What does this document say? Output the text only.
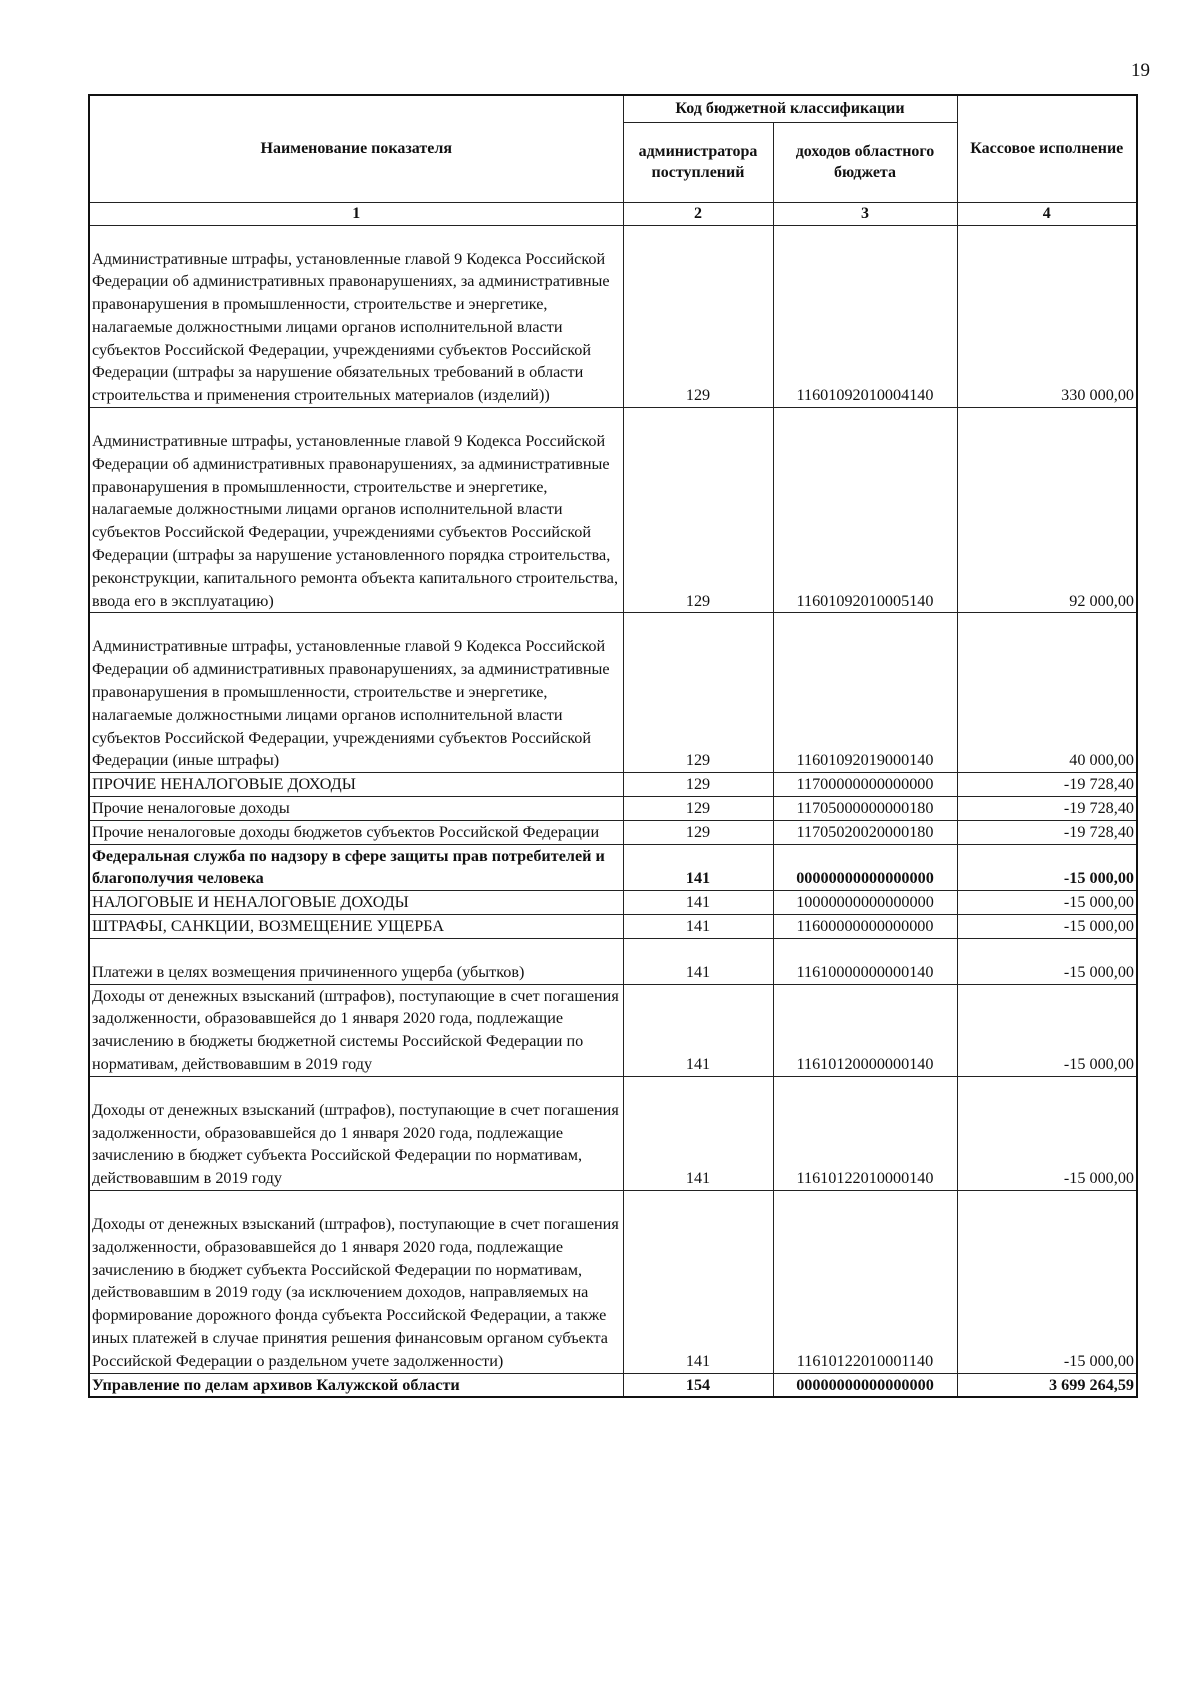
19
Наименование показателя	Код бюджетной классификации		Кассовое исполнение
	администратора поступлений	доходов областного бюджета	
1	2	3	4
Административные штрафы, установленные главой 9 Кодекса Российской Федерации об административных правонарушениях, за административные правонарушения в промышленности, строительстве и энергетике, налагаемые должностными лицами органов исполнительной власти субъектов Российской Федерации, учреждениями субъектов Российской Федерации (штрафы за нарушение обязательных требований в области строительства и применения строительных материалов (изделий))	129	11601092010004140	330 000,00
Административные штрафы, установленные главой 9 Кодекса Российской Федерации об административных правонарушениях, за административные правонарушения в промышленности, строительстве и энергетике, налагаемые должностными лицами органов исполнительной власти субъектов Российской Федерации, учреждениями субъектов Российской Федерации (штрафы за нарушение установленного порядка строительства, реконструкции, капитального ремонта объекта капитального строительства, ввода его в эксплуатацию)	129	11601092010005140	92 000,00
Административные штрафы, установленные главой 9 Кодекса Российской Федерации об административных правонарушениях, за административные правонарушения в промышленности, строительстве и энергетике, налагаемые должностными лицами органов исполнительной власти субъектов Российской Федерации, учреждениями субъектов Российской Федерации (иные штрафы)	129	11601092019000140	40 000,00
ПРОЧИЕ НЕНАЛОГОВЫЕ ДОХОДЫ	129	11700000000000000	-19 728,40
Прочие неналоговые доходы	129	11705000000000180	-19 728,40
Прочие неналоговые доходы бюджетов субъектов Российской Федерации	129	11705020020000180	-19 728,40
Федеральная служба по надзору в сфере защиты прав потребителей и благополучия человека	141	00000000000000000	-15 000,00
НАЛОГОВЫЕ И НЕНАЛОГОВЫЕ ДОХОДЫ	141	10000000000000000	-15 000,00
ШТРАФЫ, САНКЦИИ, ВОЗМЕЩЕНИЕ УЩЕРБА	141	11600000000000000	-15 000,00
Платежи в целях возмещения причиненного ущерба (убытков)	141	11610000000000140	-15 000,00
Доходы от денежных взысканий (штрафов), поступающие в счет погашения задолженности, образовавшейся до 1 января 2020 года, подлежащие зачислению в бюджеты бюджетной системы Российской Федерации по нормативам, действовавшим в 2019 году	141	11610120000000140	-15 000,00
Доходы от денежных взысканий (штрафов), поступающие в счет погашения задолженности, образовавшейся до 1 января 2020 года, подлежащие зачислению в бюджет субъекта Российской Федерации по нормативам, действовавшим в 2019 году	141	11610122010000140	-15 000,00
Доходы от денежных взысканий (штрафов), поступающие в счет погашения задолженности, образовавшейся до 1 января 2020 года, подлежащие зачислению в бюджет субъекта Российской Федерации по нормативам, действовавшим в 2019 году (за исключением доходов, направляемых на формирование дорожного фонда субъекта Российской Федерации, а также иных платежей в случае принятия решения финансовым органом субъекта Российской Федерации о раздельном учете задолженности)	141	11610122010001140	-15 000,00
Управление по делам архивов Калужской области	154	00000000000000000	3 699 264,59
